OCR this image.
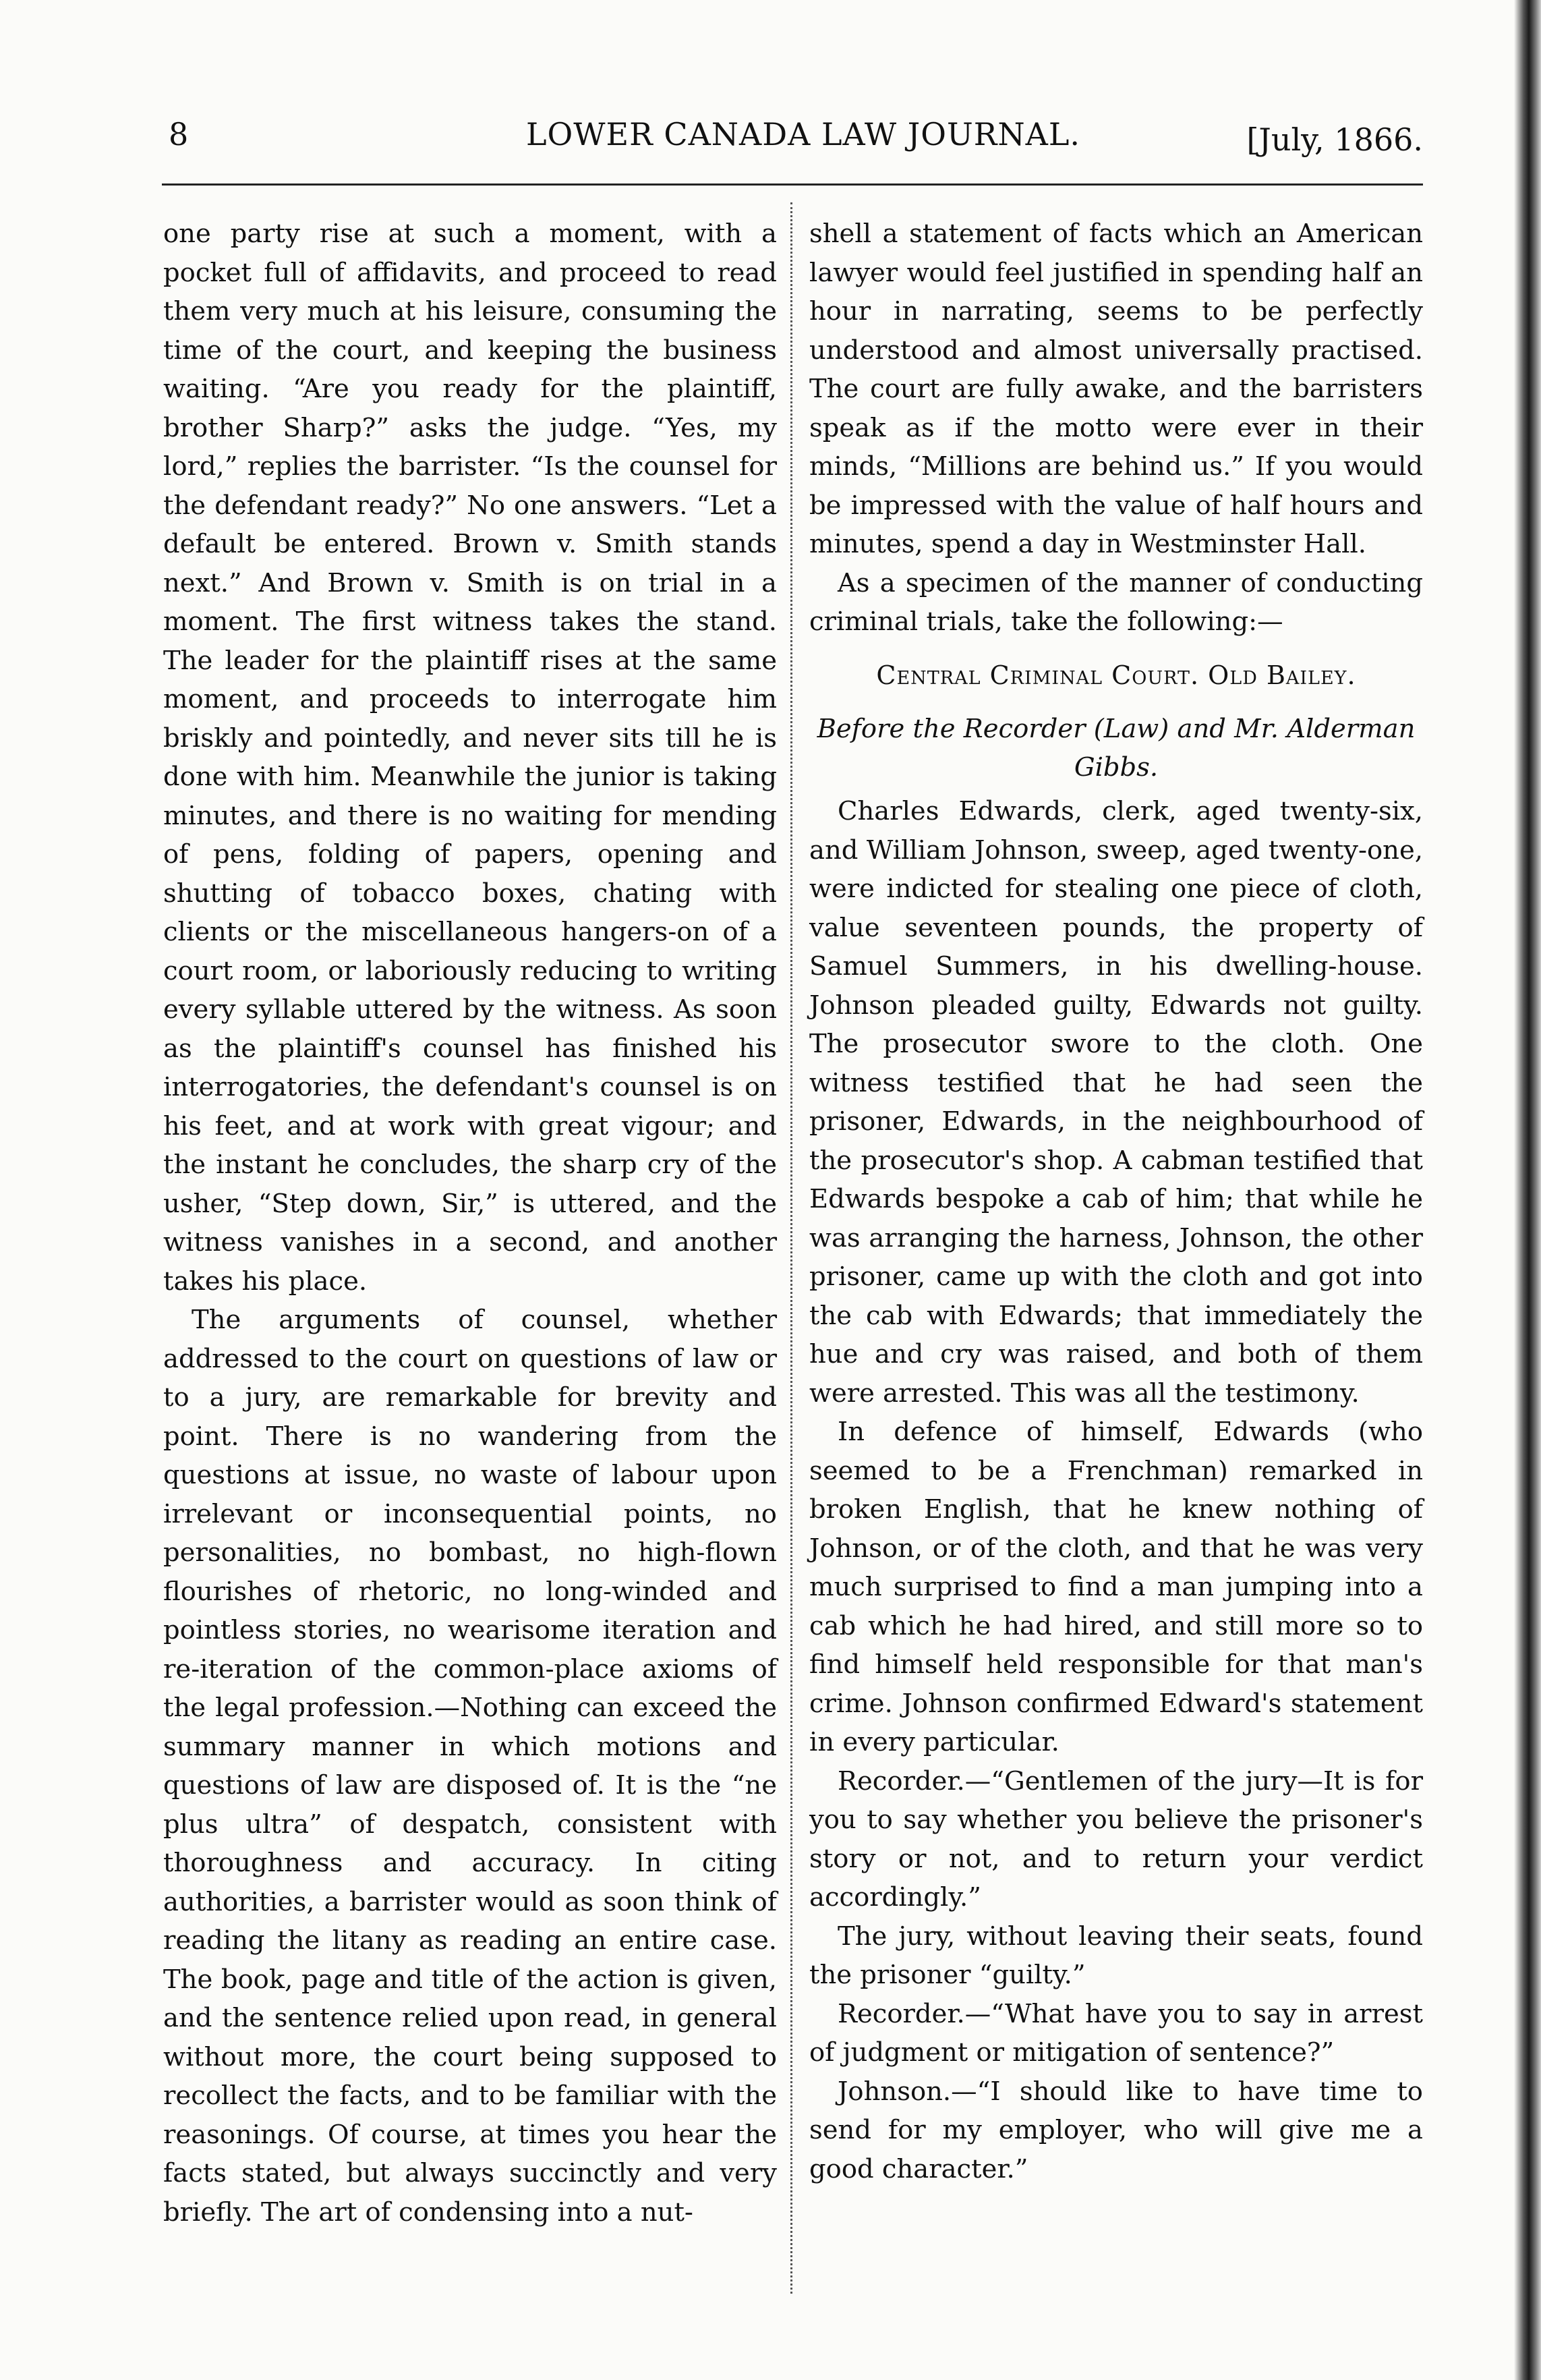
8	LOWER CANADA LAW JOURNAL.	[July, 1866.

one party rise at such a moment, with a pocket full of affidavits, and proceed to read them very much at his leisure, consuming the time of the court, and keeping the business waiting. “Are you ready for the plaintiff, brother Sharp?” asks the judge. “Yes, my lord,” replies the barrister. “Is the counsel for the defendant ready?” No one answers. “Let a default be entered. Brown v. Smith stands next.” And Brown v. Smith is on trial in a moment. The first witness takes the stand. The leader for the plaintiff rises at the same moment, and proceeds to interrogate him briskly and pointedly, and never sits till he is done with him. Meanwhile the junior is taking minutes, and there is no waiting for mending of pens, folding of papers, opening and shutting of tobacco boxes, chating with clients or the miscellaneous hangers-on of a court room, or laboriously reducing to writing every syllable uttered by the witness. As soon as the plaintiff's counsel has finished his interrogatories, the defendant's counsel is on his feet, and at work with great vigour; and the instant he concludes, the sharp cry of the usher, “Step down, Sir,” is uttered, and the witness vanishes in a second, and another takes his place.

The arguments of counsel, whether addressed to the court on questions of law or to a jury, are remarkable for brevity and point. There is no wandering from the questions at issue, no waste of labour upon irrelevant or inconsequential points, no personalities, no bombast, no high-flown flourishes of rhetoric, no long-winded and pointless stories, no wearisome iteration and re-iteration of the common-place axioms of the legal profession.—Nothing can exceed the summary manner in which motions and questions of law are disposed of. It is the “ne plus ultra” of despatch, consistent with thoroughness and accuracy. In citing authorities, a barrister would as soon think of reading the litany as reading an entire case. The book, page and title of the action is given, and the sentence relied upon read, in general without more, the court being supposed to recollect the facts, and to be familiar with the reasonings. Of course, at times you hear the facts stated, but always succinctly and very briefly. The art of condensing into a nut-

shell a statement of facts which an American lawyer would feel justified in spending half an hour in narrating, seems to be perfectly understood and almost universally practised. The court are fully awake, and the barristers speak as if the motto were ever in their minds, “Millions are behind us.” If you would be impressed with the value of half hours and minutes, spend a day in Westminster Hall.

As a specimen of the manner of conducting criminal trials, take the following:—

Central Criminal Court. Old Bailey.

Before the Recorder (Law) and Mr. Alderman Gibbs.

Charles Edwards, clerk, aged twenty-six, and William Johnson, sweep, aged twenty-one, were indicted for stealing one piece of cloth, value seventeen pounds, the property of Samuel Summers, in his dwelling-house. Johnson pleaded guilty, Edwards not guilty. The prosecutor swore to the cloth. One witness testified that he had seen the prisoner, Edwards, in the neighbourhood of the prosecutor's shop. A cabman testified that Edwards bespoke a cab of him; that while he was arranging the harness, Johnson, the other prisoner, came up with the cloth and got into the cab with Edwards; that immediately the hue and cry was raised, and both of them were arrested. This was all the testimony.

In defence of himself, Edwards (who seemed to be a Frenchman) remarked in broken English, that he knew nothing of Johnson, or of the cloth, and that he was very much surprised to find a man jumping into a cab which he had hired, and still more so to find himself held responsible for that man's crime. Johnson confirmed Edward's statement in every particular.

Recorder.—“Gentlemen of the jury—It is for you to say whether you believe the prisoner's story or not, and to return your verdict accordingly.”

The jury, without leaving their seats, found the prisoner “guilty.”

Recorder.—“What have you to say in arrest of judgment or mitigation of sentence?”

Johnson.—“I should like to have time to send for my employer, who will give me a good character.”
